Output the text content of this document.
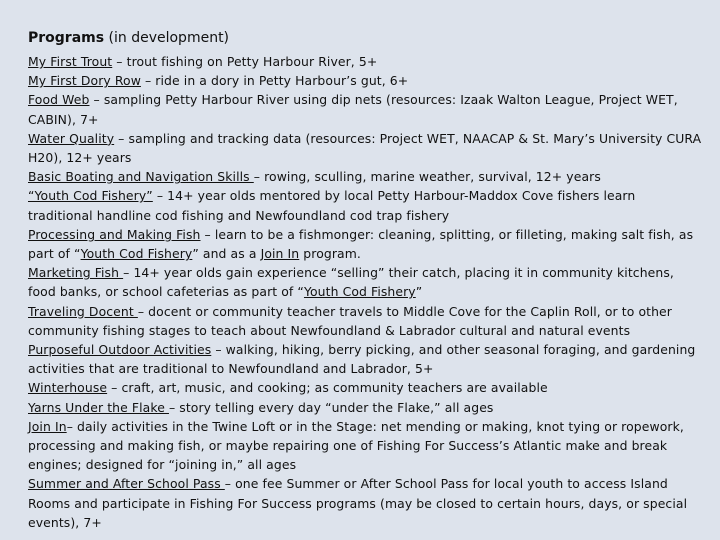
Programs (in development)
My First Trout – trout fishing on Petty Harbour River, 5+
My First Dory Row – ride in a dory in Petty Harbour’s gut, 6+
Food Web – sampling Petty Harbour River using dip nets (resources: Izaak Walton League, Project WET, CABIN), 7+
Water Quality – sampling and tracking data (resources: Project WET, NAACAP & St. Mary’s University CURA H20), 12+ years
Basic Boating and Navigation Skills – rowing, sculling, marine weather, survival, 12+ years
“Youth Cod Fishery” – 14+ year olds mentored by local Petty Harbour-Maddox Cove fishers learn traditional handline cod fishing and Newfoundland cod trap fishery
Processing and Making Fish – learn to be a fishmonger: cleaning, splitting, or filleting, making salt fish, as part of “Youth Cod Fishery” and as a Join In program.
Marketing Fish – 14+ year olds gain experience “selling” their catch, placing it in community kitchens, food banks, or school cafeterias as part of “Youth Cod Fishery”
Traveling Docent – docent or community teacher travels to Middle Cove for the Caplin Roll, or to other community fishing stages to teach about Newfoundland & Labrador cultural and natural events
Purposeful Outdoor Activities – walking, hiking, berry picking, and other seasonal foraging, and gardening activities that are traditional to Newfoundland and Labrador, 5+
Winterhouse – craft, art, music, and cooking; as community teachers are available
Yarns Under the Flake – story telling every day “under the Flake,” all ages
Join In– daily activities in the Twine Loft or in the Stage: net mending or making, knot tying or ropework, processing and making fish, or maybe repairing one of Fishing For Success’s Atlantic make and break engines; designed for “joining in,” all ages
Summer and After School Pass – one fee Summer or After School Pass for local youth to access Island Rooms and participate in Fishing For Success programs (may be closed to certain hours, days, or special events), 7+
